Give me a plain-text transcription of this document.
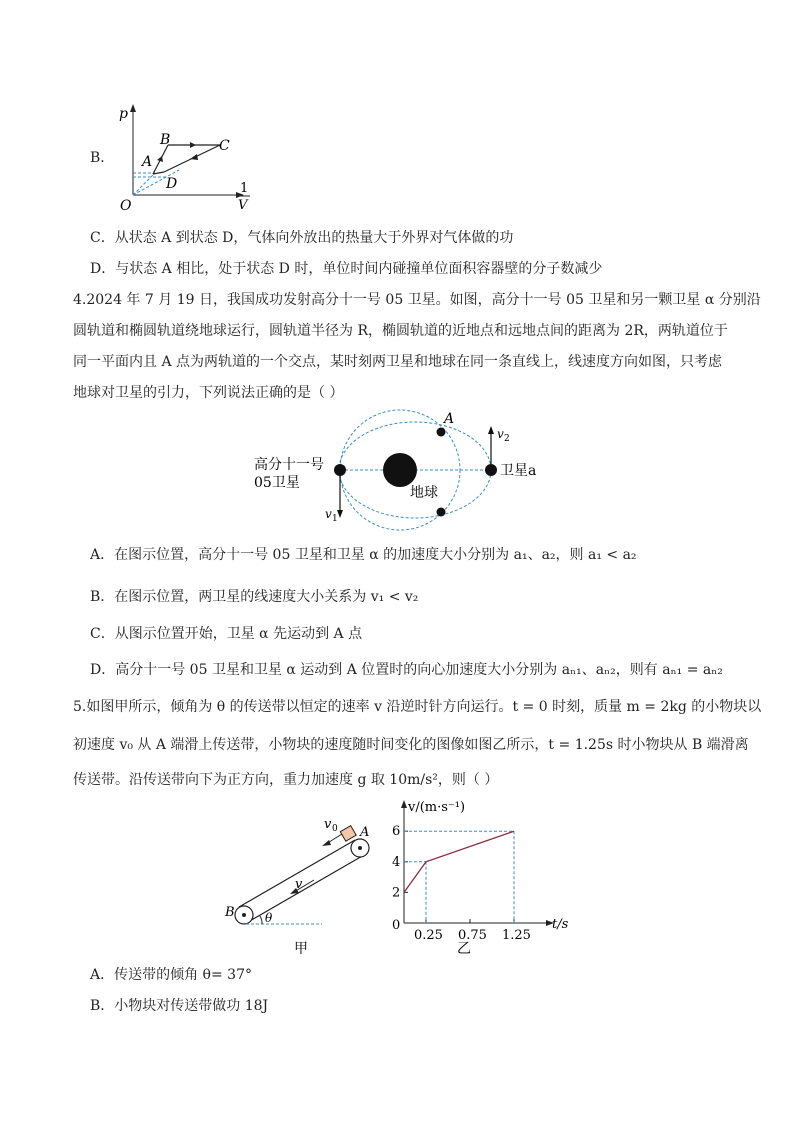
B．
p
B	C
A
D
O
1
V
C．从状态 A 到状态 D，气体向外放出的热量大于外界对气体做的功
D．与状态 A 相比，处于状态 D 时，单位时间内碰撞单位面积容器壁的分子数减少
4.2024 年 7 月 19 日，我国成功发射高分十一号 05 卫星。如图，高分十一号 05 卫星和另一颗卫星 α 分别沿
圆轨道和椭圆轨道绕地球运行，圆轨道半径为 R，椭圆轨道的近地点和远地点间的距离为 2R，两轨道位于
同一平面内且 A 点为两轨道的一个交点，某时刻两卫星和地球在同一条直线上，线速度方向如图，只考虑
地球对卫星的引力，下列说法正确的是（ ）
A
v 2
v 1
高分十一号
05卫星
卫星a
地球
A．在图示位置，高分十一号 05 卫星和卫星 α 的加速度大小分别为 a₁、a₂，则 a₁ < a₂
B．在图示位置，两卫星的线速度大小关系为 v₁ < v₂
C．从图示位置开始，卫星 α 先运动到 A 点
D．高分十一号 05 卫星和卫星 α 运动到 A 位置时的向心加速度大小分别为 aₙ₁、aₙ₂，则有 aₙ₁ = aₙ₂
5.如图甲所示，倾角为 θ 的传送带以恒定的速率 v 沿逆时针方向运行。t = 0 时刻，质量 m = 2kg 的小物块以
初速度 v₀ 从 A 端滑上传送带，小物块的速度随时间变化的图像如图乙所示，t = 1.25s 时小物块从 B 端滑离
传送带。沿传送带向下为正方向，重力加速度 g 取 10m/s²，则（ ）
v 0 A
v
B	θ
甲
2
4
6
0.25 0.75 1.25
v/(m·s⁻¹)
t/s
0
乙
A．传送带的倾角 θ= 37°
B．小物块对传送带做功 18J
